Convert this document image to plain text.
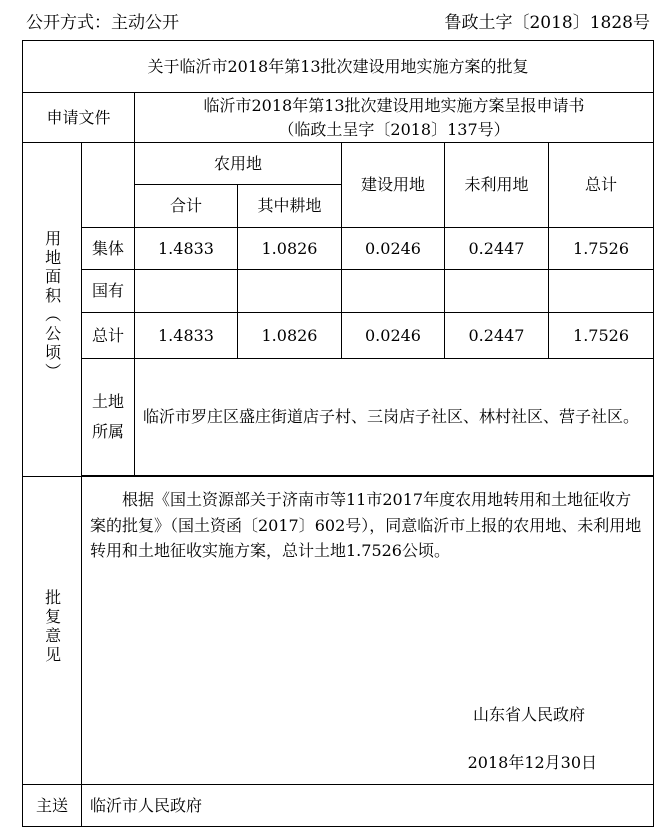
公开方式：主动公开	鲁政土字〔2018〕1828号
关于临沂市2018年第13批次建设用地实施方案的批复						
申请文件		临沂市2018年第13批次建设用地实施方案呈报申请书
（临政土呈字〔2018〕137号）				

用地面积（公顷）		农用地		建设用地	未利用地	总计
		合计	其中耕地			
	集体	1.4833	1.0826	0.0246	0.2447	1.7526
	国有					
	总计	1.4833	1.0826	0.0246	0.2447	1.7526

	土地所属	临沂市罗庄区盛庄街道店子村、三岗店子社区、林村社区、营子社区。				

批复意见	根据《国土资源部关于济南市等11市2017年度农用地转用和土地征收方案的批复》（国土资函〔2017〕602号），同意临沂市上报的农用地、未利用地转用和土地征收实施方案，总计土地1.7526公顷。
山东省人民政府
2018年12月30日					

主送	临沂市人民政府					
